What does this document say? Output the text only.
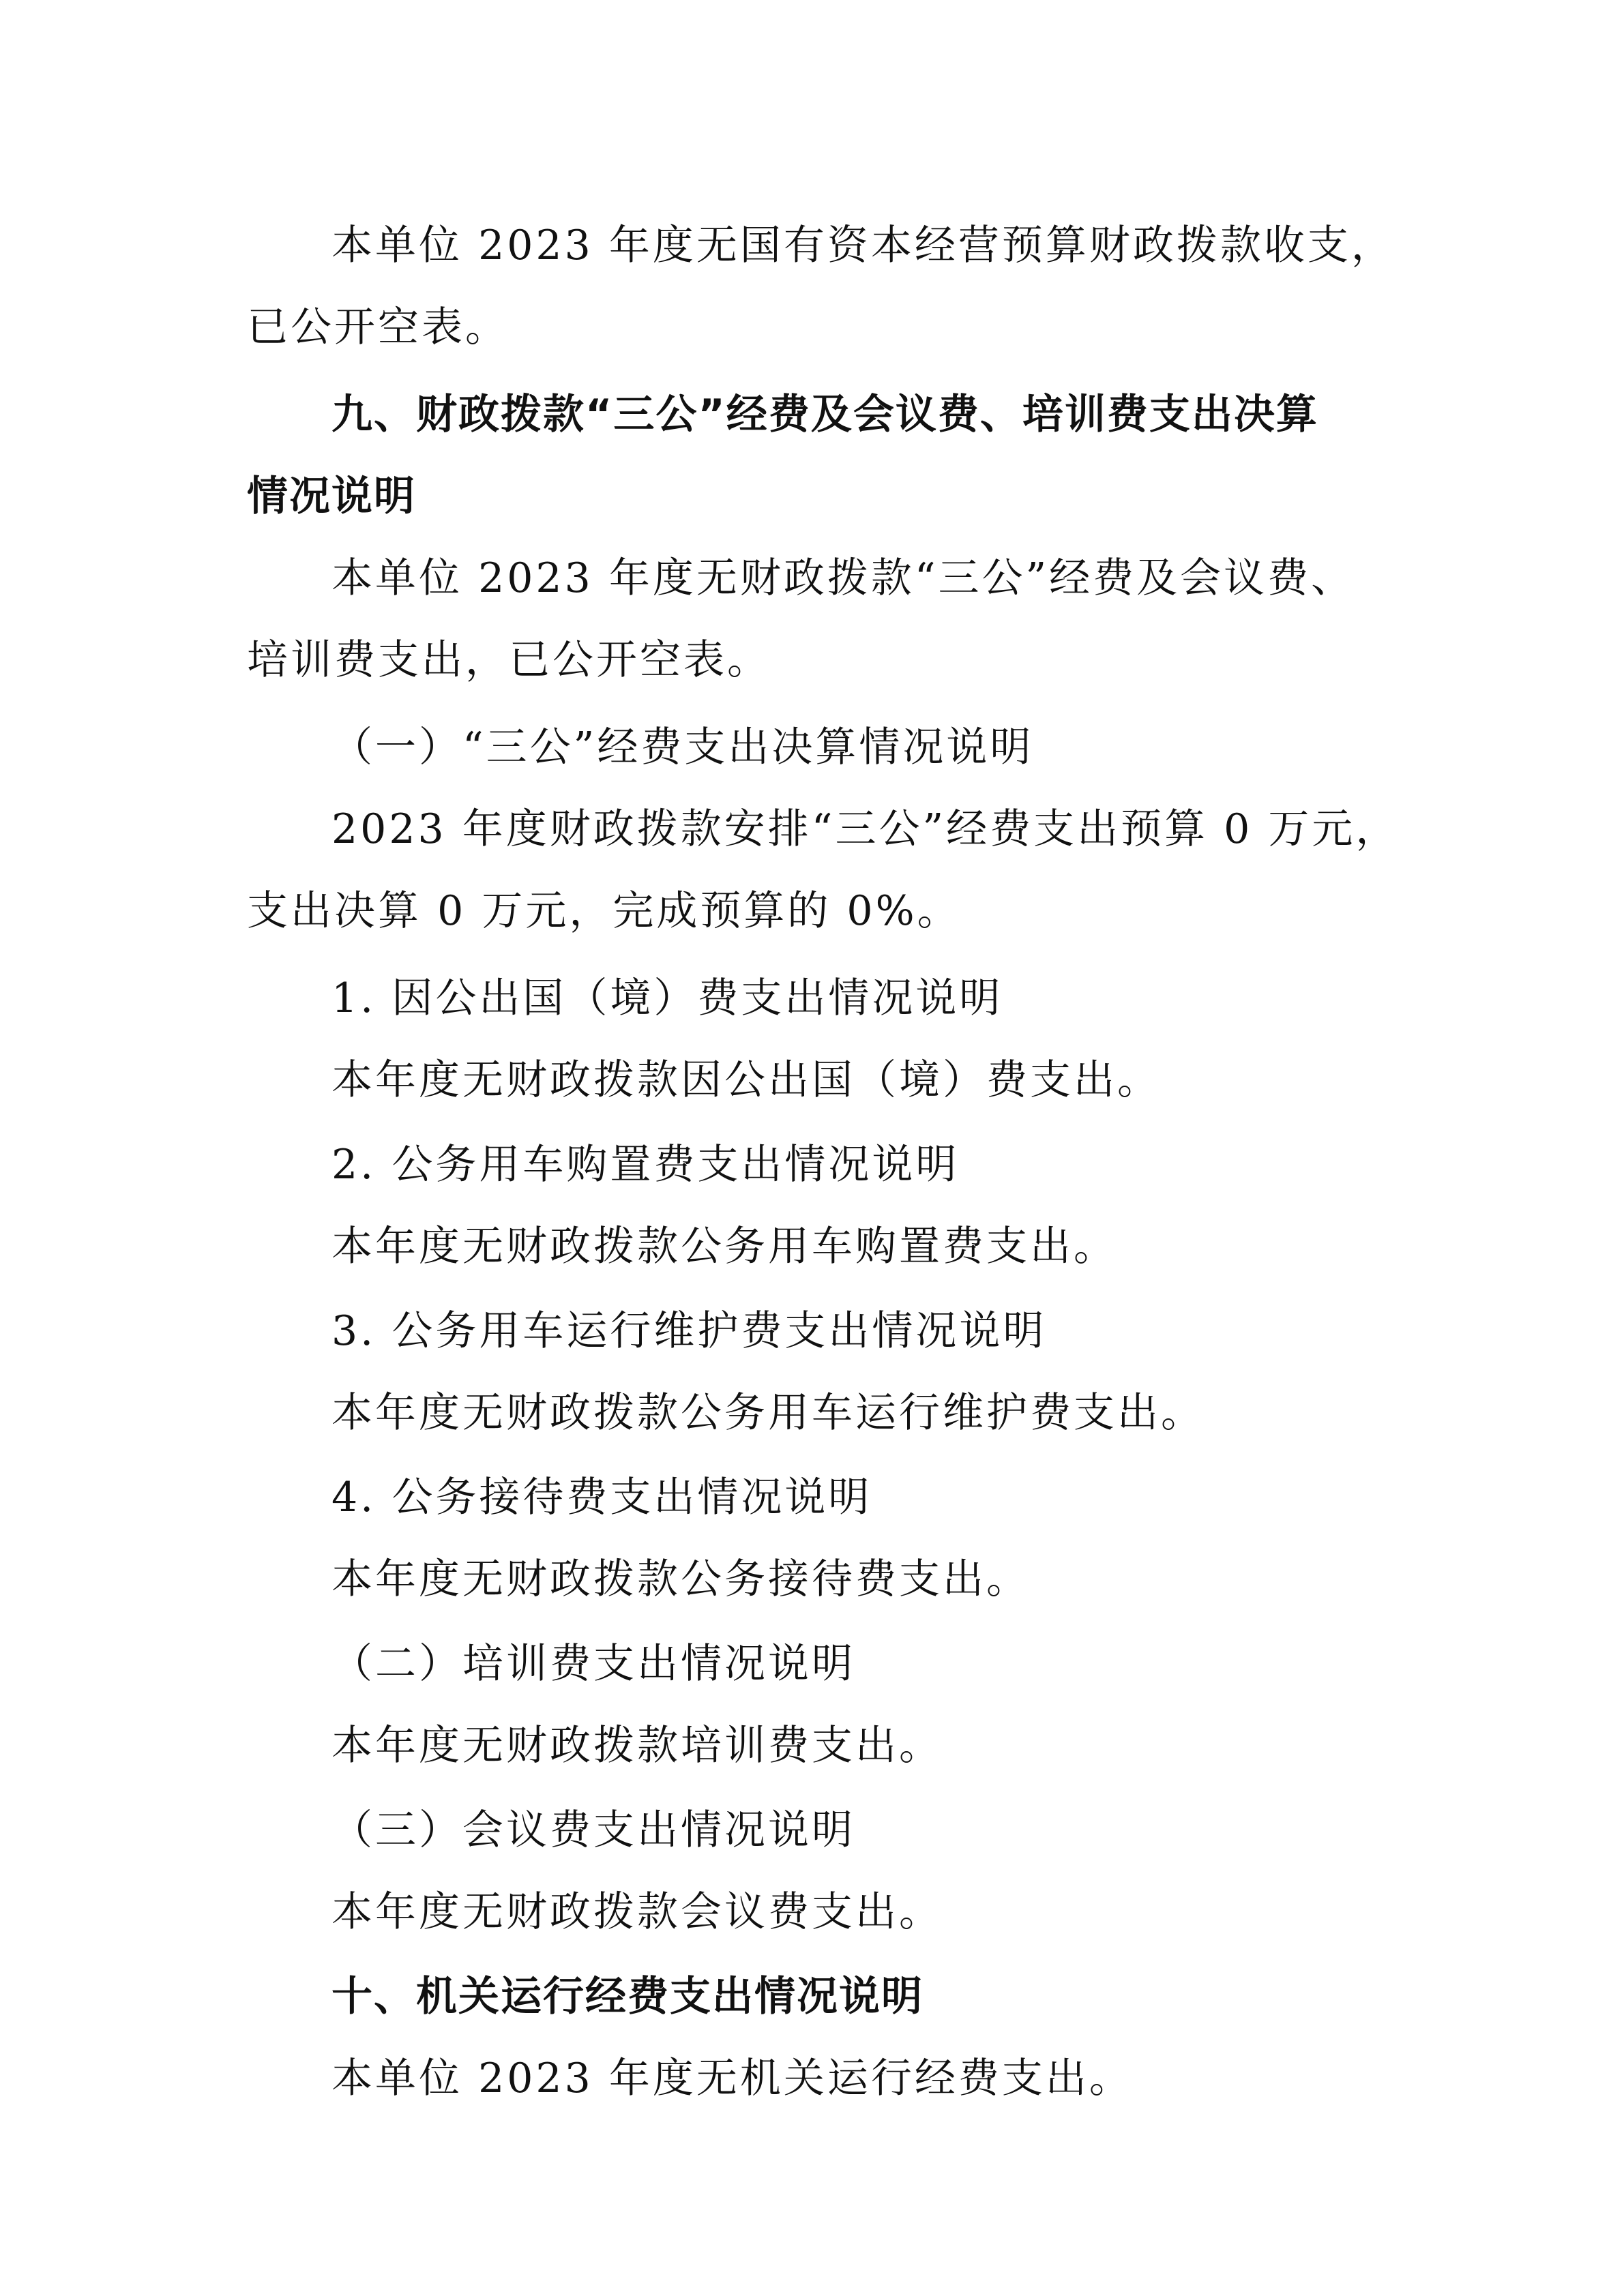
本单位 2023 年度无国有资本经营预算财政拨款收支，
已公开空表。
九、财政拨款“三公”经费及会议费、培训费支出决算
情况说明
本单位 2023 年度无财政拨款“三公”经费及会议费、
培训费支出，已公开空表。
（一）“三公”经费支出决算情况说明
2023 年度财政拨款安排“三公”经费支出预算 0 万元，
支出决算 0 万元，完成预算的 0%。
1. 因公出国（境）费支出情况说明
本年度无财政拨款因公出国（境）费支出。
2. 公务用车购置费支出情况说明
本年度无财政拨款公务用车购置费支出。
3. 公务用车运行维护费支出情况说明
本年度无财政拨款公务用车运行维护费支出。
4. 公务接待费支出情况说明
本年度无财政拨款公务接待费支出。
（二）培训费支出情况说明
本年度无财政拨款培训费支出。
（三）会议费支出情况说明
本年度无财政拨款会议费支出。
十、机关运行经费支出情况说明
本单位 2023 年度无机关运行经费支出。
